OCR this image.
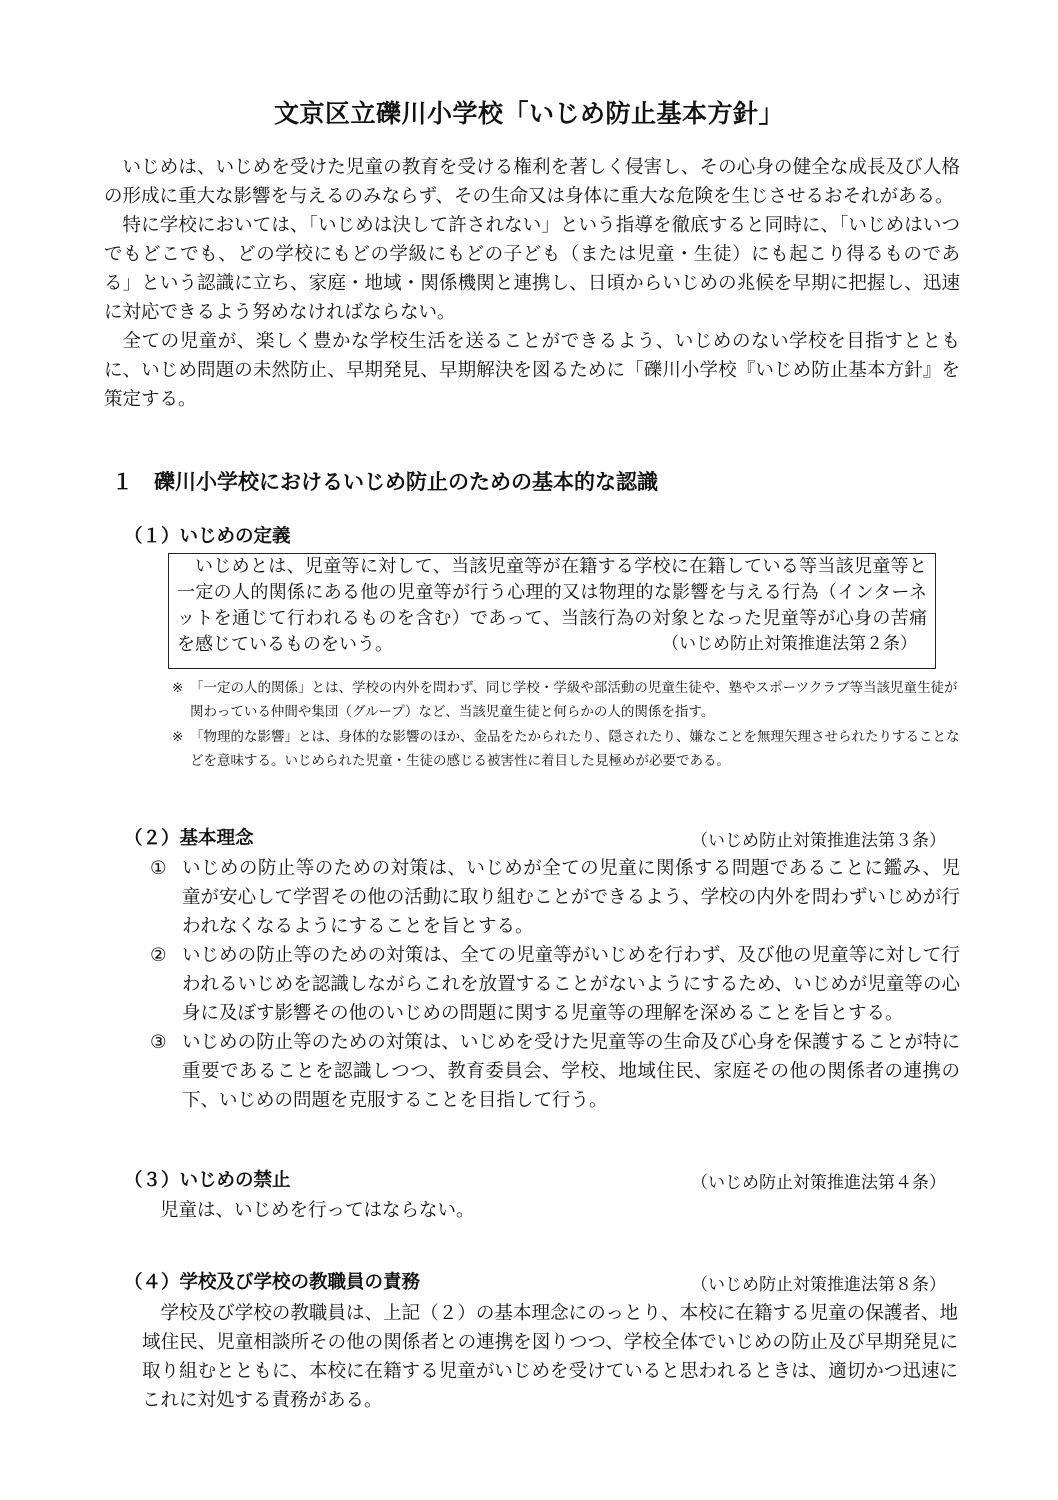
文京区立礫川小学校「いじめ防止基本方針」

いじめは、いじめを受けた児童の教育を受ける権利を著しく侵害し、その心身の健全な成長及び人格の形成に重大な影響を与えるのみならず、その生命又は身体に重大な危険を生じさせるおそれがある。

特に学校においては、「いじめは決して許されない」という指導を徹底すると同時に、「いじめはいつでもどこでも、どの学校にもどの学級にもどの子ども（または児童・生徒）にも起こり得るものである」という認識に立ち、家庭・地域・関係機関と連携し、日頃からいじめの兆候を早期に把握し、迅速に対応できるよう努めなければならない。

全ての児童が、楽しく豊かな学校生活を送ることができるよう、いじめのない学校を目指すとともに、いじめ問題の未然防止、早期発見、早期解決を図るために「礫川小学校『いじめ防止基本方針』を策定する。

１　礫川小学校におけるいじめ防止のための基本的な認識
（１）いじめの定義

いじめとは、児童等に対して、当該児童等が在籍する学校に在籍している等当該児童等と一定の人的関係にある他の児童等が行う心理的又は物理的な影響を与える行為（インターネットを通じて行われるものを含む）であって、当該行為の対象となった児童等が心身の苦痛を感じているものをいう。	（いじめ防止対策推進法第２条）
※ 「一定の人的関係」とは、学校の内外を問わず、同じ学校・学級や部活動の児童生徒や、塾やスポーツクラブ等当該児童生徒が関わっている仲間や集団（グループ）など、当該児童生徒と何らかの人的関係を指す。
※ 「物理的な影響」とは、身体的な影響のほか、金品をたかられたり、隠されたり、嫌なことを無理矢理させられたりすることなどを意味する。いじめられた児童・生徒の感じる被害性に着目した見極めが必要である。
（２）基本理念	（いじめ防止対策推進法第３条）
① いじめの防止等のための対策は、いじめが全ての児童に関係する問題であることに鑑み、児童が安心して学習その他の活動に取り組むことができるよう、学校の内外を問わずいじめが行われなくなるようにすることを旨とする。
② いじめの防止等のための対策は、全ての児童等がいじめを行わず、及び他の児童等に対して行われるいじめを認識しながらこれを放置することがないようにするため、いじめが児童等の心身に及ぼす影響その他のいじめの問題に関する児童等の理解を深めることを旨とする。
③ いじめの防止等のための対策は、いじめを受けた児童等の生命及び心身を保護することが特に重要であることを認識しつつ、教育委員会、学校、地域住民、家庭その他の関係者の連携の下、いじめの問題を克服することを目指して行う。
（３）いじめの禁止	（いじめ防止対策推進法第４条）
児童は、いじめを行ってはならない。
（４）学校及び学校の教職員の責務	（いじめ防止対策推進法第８条）
学校及び学校の教職員は、上記（２）の基本理念にのっとり、本校に在籍する児童の保護者、地域住民、児童相談所その他の関係者との連携を図りつつ、学校全体でいじめの防止及び早期発見に取り組むとともに、本校に在籍する児童がいじめを受けていると思われるときは、適切かつ迅速にこれに対処する責務がある。
